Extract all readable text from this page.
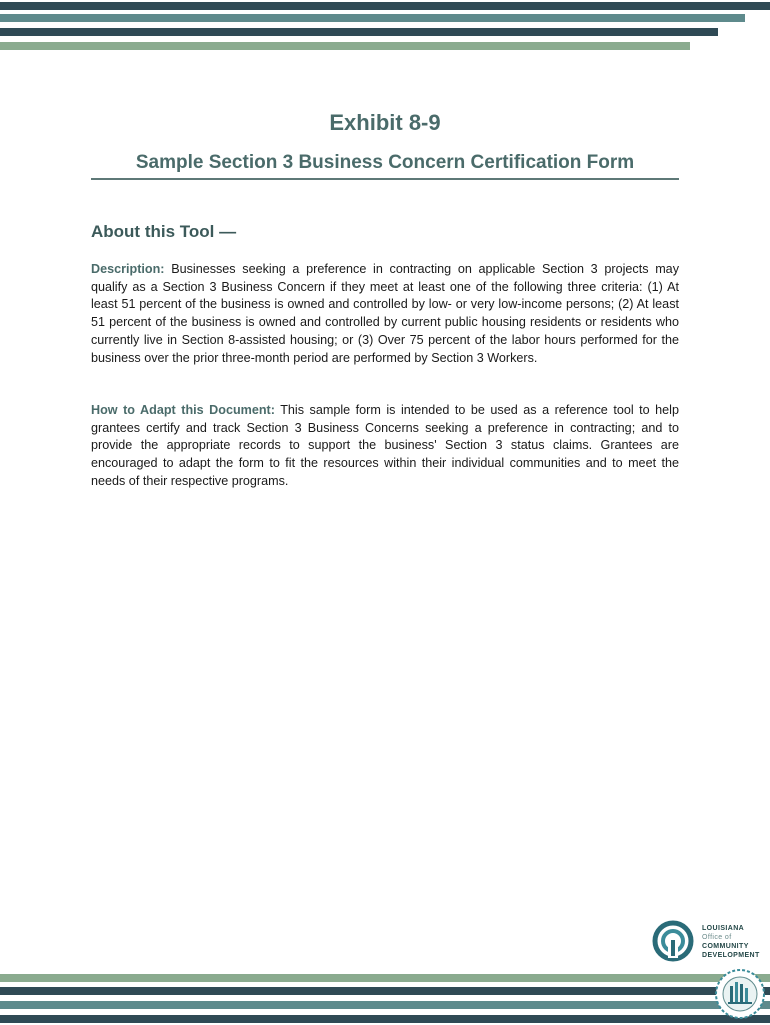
Exhibit 8-9
Sample Section 3 Business Concern Certification Form
About this Tool —

Description: Businesses seeking a preference in contracting on applicable Section 3 projects may qualify as a Section 3 Business Concern if they meet at least one of the following three criteria: (1) At least 51 percent of the business is owned and controlled by low- or very low-income persons; (2) At least 51 percent of the business is owned and controlled by current public housing residents or residents who currently live in Section 8-assisted housing; or (3) Over 75 percent of the labor hours performed for the business over the prior three-month period are performed by Section 3 Workers.

How to Adapt this Document: This sample form is intended to be used as a reference tool to help grantees certify and track Section 3 Business Concerns seeking a preference in contracting; and to provide the appropriate records to support the business' Section 3 status claims. Grantees are encouraged to adapt the form to fit the resources within their individual communities and to meet the needs of their respective programs.

LOUISIANA
Office of
COMMUNITY
DEVELOPMENT
